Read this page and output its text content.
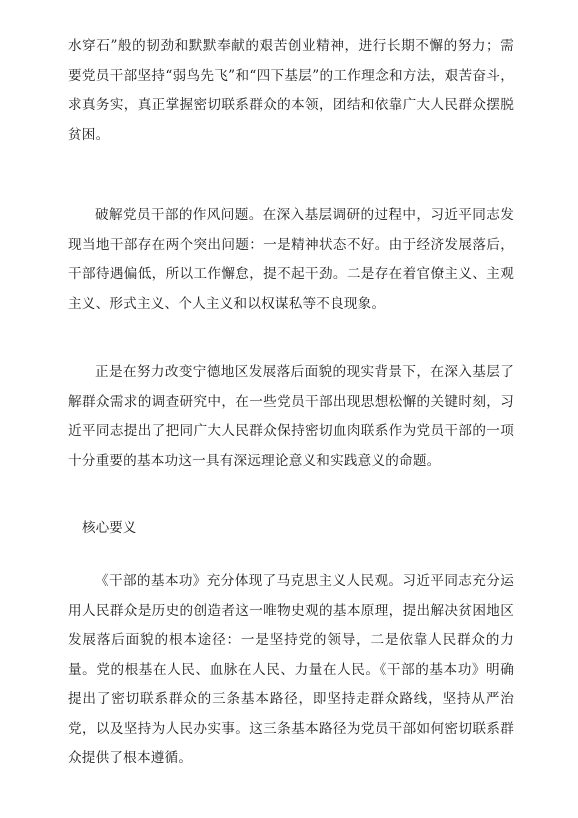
水穿石”般的韧劲和默默奉献的艰苦创业精神，进行长期不懈的努力；需要党员干部坚持“弱鸟先飞”和“四下基层”的工作理念和方法，艰苦奋斗，求真务实，真正掌握密切联系群众的本领，团结和依靠广大人民群众摆脱贫困。

破解党员干部的作风问题。在深入基层调研的过程中，习近平同志发现当地干部存在两个突出问题：一是精神状态不好。由于经济发展落后，干部待遇偏低，所以工作懈怠，提不起干劲。二是存在着官僚主义、主观主义、形式主义、个人主义和以权谋私等不良现象。

正是在努力改变宁德地区发展落后面貌的现实背景下，在深入基层了解群众需求的调查研究中，在一些党员干部出现思想松懈的关键时刻，习近平同志提出了把同广大人民群众保持密切血肉联系作为党员干部的一项十分重要的基本功这一具有深远理论意义和实践意义的命题。

核心要义

《干部的基本功》充分体现了马克思主义人民观。习近平同志充分运用人民群众是历史的创造者这一唯物史观的基本原理，提出解决贫困地区发展落后面貌的根本途径：一是坚持党的领导，二是依靠人民群众的力量。党的根基在人民、血脉在人民、力量在人民。《干部的基本功》明确提出了密切联系群众的三条基本路径，即坚持走群众路线，坚持从严治党，以及坚持为人民办实事。这三条基本路径为党员干部如何密切联系群众提供了根本遵循。
